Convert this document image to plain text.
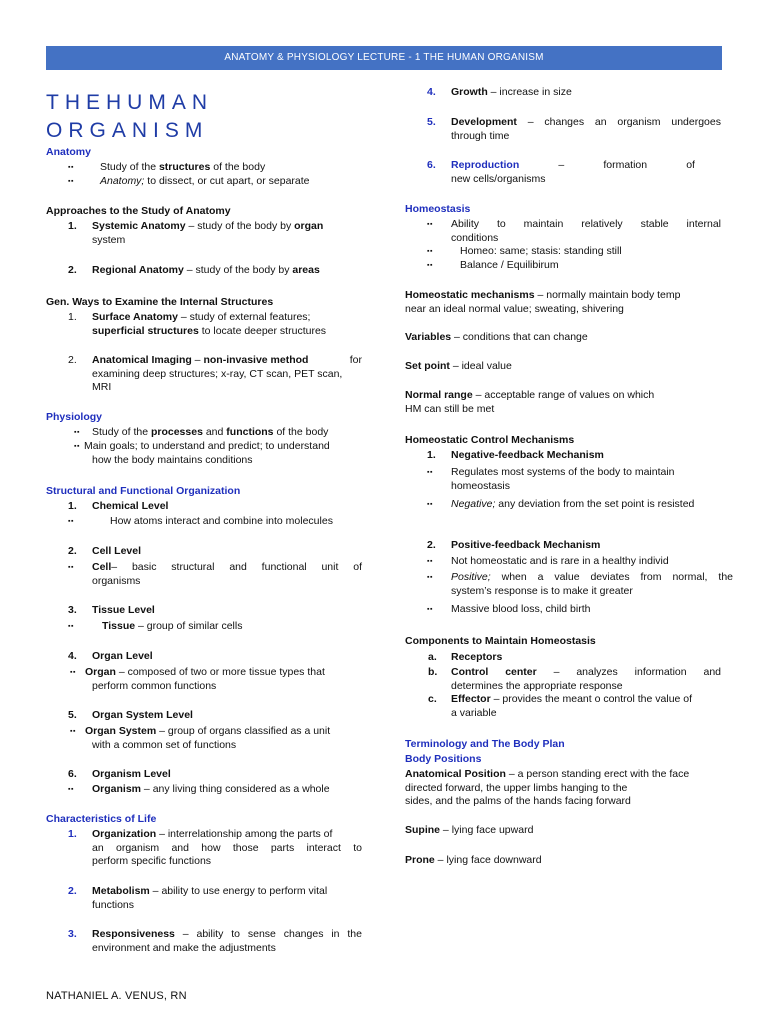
ANATOMY & PHYSIOLOGY LECTURE - 1 THE HUMAN ORGANISM
THEHUMAN
ORGANISM
Anatomy
▪▪ Study of the structures of the body
▪▪ Anatomy; to dissect, or cut apart, or separate
Approaches to the Study of Anatomy
1. Systemic Anatomy – study of the body by organ
system
2. Regional Anatomy – study of the body by areas
Gen. Ways to Examine the Internal Structures
1. Surface Anatomy – study of external features;
superficial structures to locate deeper structures
2. Anatomical Imaging – non-invasive method	for
examining deep structures; x-ray, CT scan, PET scan,
MRI
Physiology
▪▪ Study of the processes and functions of the body
▪▪ Main goals; to understand and predict; to understand
how the body maintains conditions
Structural and Functional Organization
1. Chemical Level
▪▪	How atoms interact and combine into molecules
2. Cell Level
▪▪ Cell – basic structural and functional unit of
organisms
3. Tissue Level
▪▪	Tissue – group of similar cells
4. Organ Level
▪▪ Organ – composed of two or more tissue types that
perform common functions
5. Organ System Level
▪▪ Organ System – group of organs classified as a unit
with a common set of functions
6. Organism Level
▪▪ Organism – any living thing considered as a whole
Characteristics of Life
1. Organization – interrelationship among the parts of
an organism and how those parts interact to
perform specific functions
2. Metabolism – ability to use energy to perform vital
functions
3. Responsiveness – ability to sense changes in the
environment and make the adjustments
4. Growth – increase in size
5. Development – changes an organism undergoes
through time
6. Reproduction	–	formation	of
new cells/organisms
Homeostasis
▪▪ Ability to maintain relatively stable internal
conditions
▪▪	Homeo: same; stasis: standing still
▪▪	Balance / Equilibirum
Homeostatic mechanisms – normally maintain body temp
near an ideal normal value; sweating, shivering
Variables – conditions that can change
Set point – ideal value
Normal range – acceptable range of values on which
HM can still be met
Homeostatic Control Mechanisms
1. Negative-feedback Mechanism
▪▪ Regulates most systems of the body to maintain
homeostasis
▪▪ Negative; any deviation from the set point is resisted
2. Positive-feedback Mechanism
▪▪ Not homeostatic and is rare in a healthy individ
▪▪ Positive; when a value deviates from normal, the
system’s response is to make it greater
▪▪ Massive blood loss, child birth
Components to Maintain Homeostasis
a. Receptors
b. Control center – analyzes information and
determines the appropriate response
c. Effector – provides the meant o control the value of
a variable
Terminology and The Body Plan
Body Positions
Anatomical Position – a person standing erect with the face
directed forward, the upper limbs hanging to the
sides, and the palms of the hands facing forward
Supine – lying face upward
Prone – lying face downward
NATHANIEL A. VENUS, RN
